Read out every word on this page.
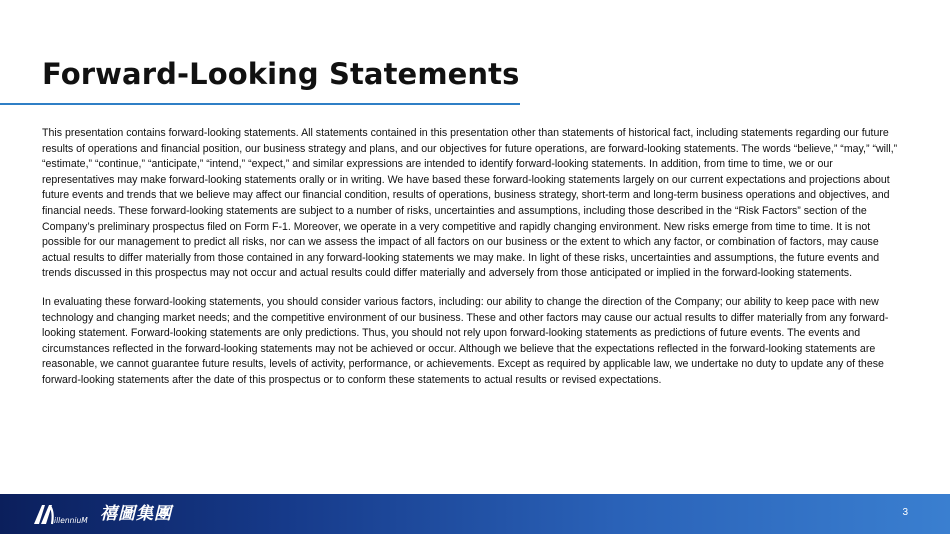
Forward-Looking Statements

This presentation contains forward-looking statements. All statements contained in this presentation other than statements of historical fact, including statements regarding our future results of operations and financial position, our business strategy and plans, and our objectives for future operations, are forward-looking statements. The words “believe,” “may,” “will,” “estimate,” “continue,” “anticipate,” “intend,” “expect,” and similar expressions are intended to identify forward-looking statements. In addition, from time to time, we or our representatives may make forward-looking statements orally or in writing. We have based these forward-looking statements largely on our current expectations and projections about future events and trends that we believe may affect our financial condition, results of operations, business strategy, short-term and long-term business operations and objectives, and financial needs. These forward-looking statements are subject to a number of risks, uncertainties and assumptions, including those described in the “Risk Factors” section of the Company’s preliminary prospectus filed on Form F-1. Moreover, we operate in a very competitive and rapidly changing environment. New risks emerge from time to time. It is not possible for our management to predict all risks, nor can we assess the impact of all factors on our business or the extent to which any factor, or combination of factors, may cause actual results to differ materially from those contained in any forward-looking statements we may make. In light of these risks, uncertainties and assumptions, the future events and trends discussed in this prospectus may not occur and actual results could differ materially and adversely from those anticipated or implied in the forward-looking statements.

In evaluating these forward-looking statements, you should consider various factors, including: our ability to change the direction of the Company; our ability to keep pace with new technology and changing market needs; and the competitive environment of our business. These and other factors may cause our actual results to differ materially from any forward-looking statement. Forward-looking statements are only predictions. Thus, you should not rely upon forward-looking statements as predictions of future events. The events and circumstances reflected in the forward-looking statements may not be achieved or occur. Although we believe that the expectations reflected in the forward-looking statements are reasonable, we cannot guarantee future results, levels of activity, performance, or achievements. Except as required by applicable law, we undertake no duty to update any of these forward-looking statements after the date of this prospectus or to conform these statements to actual results or revised expectations.

illenniuM 禧圖集團	3
